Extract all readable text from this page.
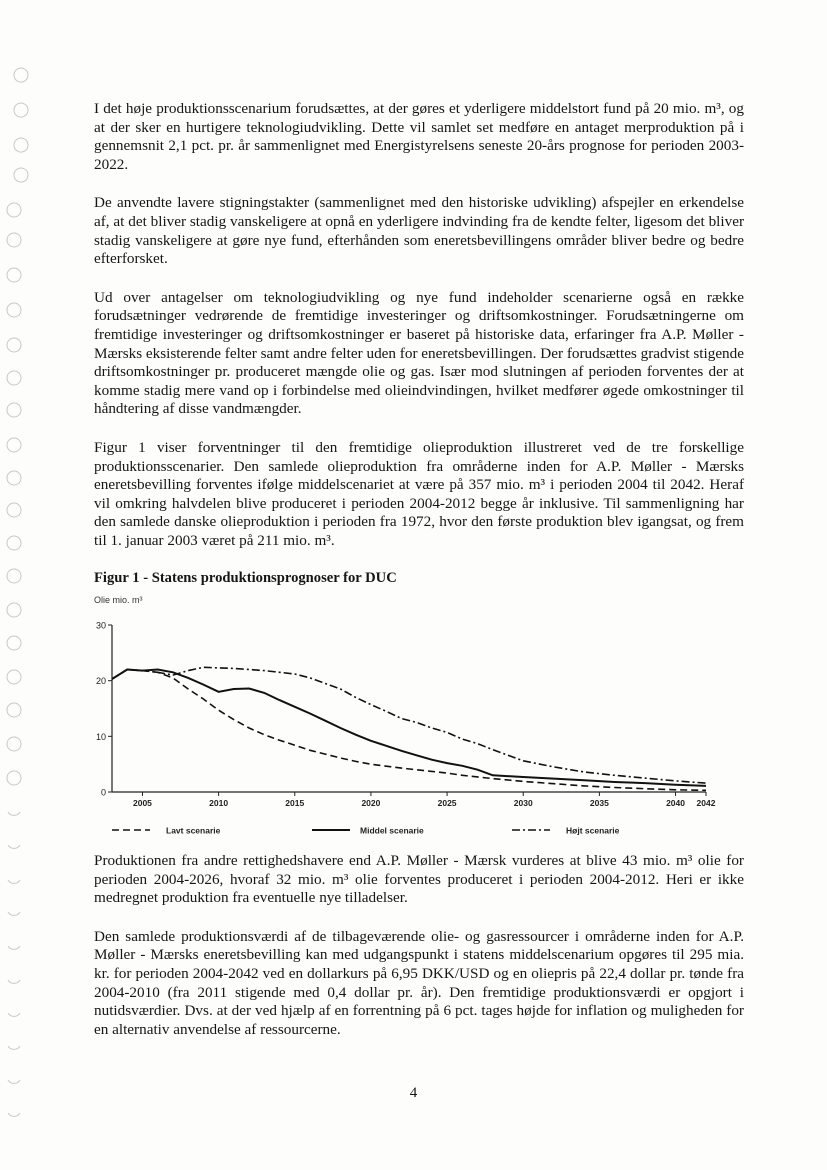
I det høje produktionsscenarium forudsættes, at der gøres et yderligere middelstort fund på 20 mio. m³, og at der sker en hurtigere teknologiudvikling. Dette vil samlet set medføre en antaget merproduktion på i gennemsnit 2,1 pct. pr. år sammenlignet med Energistyrelsens seneste 20-års prognose for perioden 2003-2022.

De anvendte lavere stigningstakter (sammenlignet med den historiske udvikling) afspejler en erkendelse af, at det bliver stadig vanskeligere at opnå en yderligere indvinding fra de kendte felter, ligesom det bliver stadig vanskeligere at gøre nye fund, efterhånden som eneretsbevillingens områder bliver bedre og bedre efterforsket.

Ud over antagelser om teknologiudvikling og nye fund indeholder scenarierne også en række forudsætninger vedrørende de fremtidige investeringer og driftsomkostninger. Forudsætningerne om fremtidige investeringer og driftsomkostninger er baseret på historiske data, erfaringer fra A.P. Møller - Mærsks eksisterende felter samt andre felter uden for eneretsbevillingen. Der forudsættes gradvist stigende driftsomkostninger pr. produceret mængde olie og gas. Især mod slutningen af perioden forventes der at komme stadig mere vand op i forbindelse med olieindvindingen, hvilket medfører øgede omkostninger til håndtering af disse vandmængder.

Figur 1 viser forventninger til den fremtidige olieproduktion illustreret ved de tre forskellige produktionsscenarier. Den samlede olieproduktion fra områderne inden for A.P. Møller - Mærsks eneretsbevilling forventes ifølge middelscenariet at være på 357 mio. m³ i perioden 2004 til 2042. Heraf vil omkring halvdelen blive produceret i perioden 2004-2012 begge år inklusive. Til sammenligning har den samlede danske olieproduktion i perioden fra 1972, hvor den første produktion blev igangsat, og frem til 1. januar 2003 været på 211 mio. m³.

Figur 1 - Statens produktionsprognoser for DUC
Olie mio. m³
0
10
20
30
2005	2010	2015	2020	2025	2030	2035	2040 2042
Lavt scenarie	Middel scenarie	Højt scenarie

Produktionen fra andre rettighedshavere end A.P. Møller - Mærsk vurderes at blive 43 mio. m³ olie for perioden 2004-2026, hvoraf 32 mio. m³ olie forventes produceret i perioden 2004-2012. Heri er ikke medregnet produktion fra eventuelle nye tilladelser.

Den samlede produktionsværdi af de tilbageværende olie- og gasressourcer i områderne inden for A.P. Møller - Mærsks eneretsbevilling kan med udgangspunkt i statens middelscenarium opgøres til 295 mia. kr. for perioden 2004-2042 ved en dollarkurs på 6,95 DKK/USD og en oliepris på 22,4 dollar pr. tønde fra 2004-2010 (fra 2011 stigende med 0,4 dollar pr. år). Den fremtidige produktionsværdi er opgjort i nutidsværdier. Dvs. at der ved hjælp af en forrentning på 6 pct. tages højde for inflation og muligheden for en alternativ anvendelse af ressourcerne.

4
